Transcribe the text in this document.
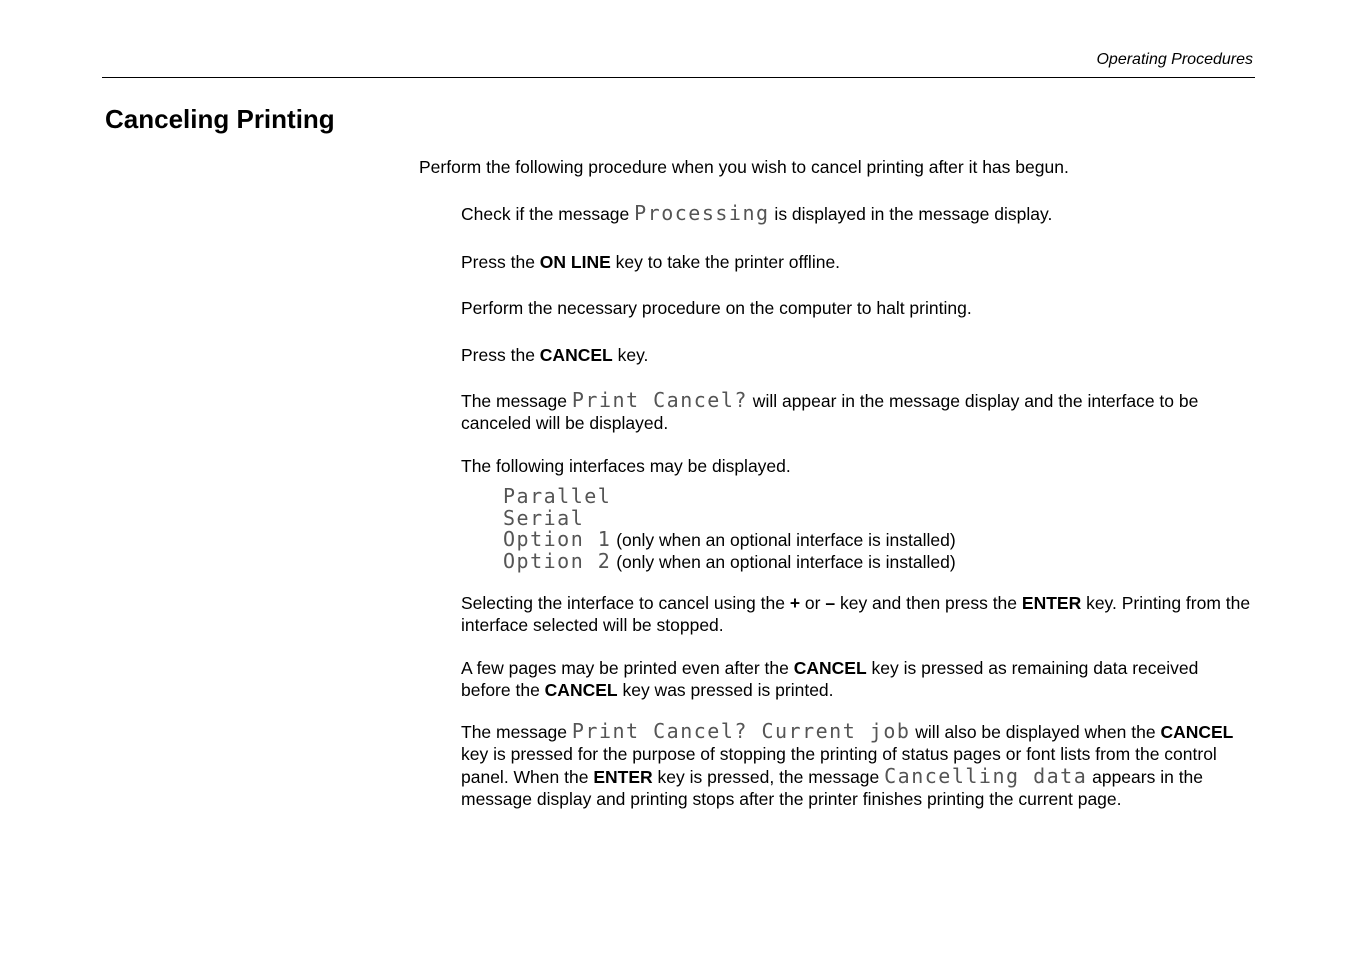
Operating Procedures
Canceling Printing

Perform the following procedure when you wish to cancel printing after it has begun.

Check if the message Processing is displayed in the message display.

Press the ON LINE key to take the printer offline.

Perform the necessary procedure on the computer to halt printing.

Press the CANCEL key.

The message Print Cancel? will appear in the message display and the interface to be canceled will be displayed.

The following interfaces may be displayed.

Parallel
Serial
Option 1 (only when an optional interface is installed)
Option 2 (only when an optional interface is installed)

Selecting the interface to cancel using the + or – key and then press the ENTER key. Printing from the interface selected will be stopped.

A few pages may be printed even after the CANCEL key is pressed as remaining data received before the CANCEL key was pressed is printed.

The message Print Cancel? Current job will also be displayed when the CANCEL key is pressed for the purpose of stopping the printing of status pages or font lists from the control panel. When the ENTER key is pressed, the message Cancelling data appears in the message display and printing stops after the printer finishes printing the current page.
